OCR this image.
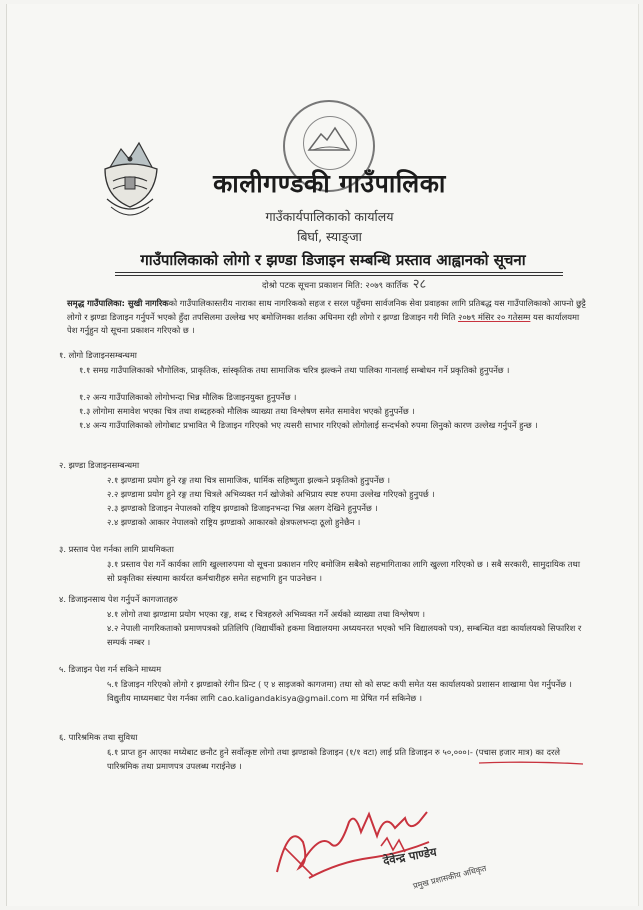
कालीगण्डकी गाउँपालिका
गाउँकार्यपालिकाको कार्यालय
बिर्घा, स्याङ्जा
गाउँपालिकाको लोगो र झण्डा डिजाइन सम्बन्धि प्रस्ताव आह्वानको सूचना
दोश्रो पटक सूचना प्रकाशन मिति: २०७९ कार्तिक २८
समृद्ध गाउँपालिका: सुखी नागरिकको गाउँपालिकास्तरीय नाराका साथ नागरिकको सहज र सरल पहुँचमा सार्वजनिक सेवा प्रवाहका लागि प्रतिबद्ध यस गाउँपालिकाको आफ्नो छुट्टै लोगो र झण्डा डिजाइन गर्नुपर्ने भएको हुँदा तपसिलमा उल्लेख भए बमोजिमका शर्तका अधिनमा रही लोगो र झण्डा डिजाइन गरी मिति २०७९ मंसिर २० गतेसम्म यस कार्यालयमा पेश गर्नुहुन यो सूचना प्रकाशन गरिएको छ ।
१. लोगो डिजाइनसम्बन्धमा
१.१ समग्र गाउँपालिकाको भौगोलिक, प्राकृतिक, सांस्कृतिक तथा सामाजिक चरित्र झल्कने तथा पालिका गानलाई सम्बोधन गर्ने प्रकृतिको हुनुपर्नेछ ।
१.२ अन्य गाउँपालिकाको लोगोभन्दा भिन्न मौलिक डिजाइनयुक्त हुनुपर्नेछ ।
१.३ लोगोमा समावेश भएका चित्र तथा शब्दहरुको मौलिक व्याख्या तथा विश्लेषण समेत समावेश भएको हुनुपर्नेछ ।
१.४ अन्य गाउँपालिकाको लोगोबाट प्रभावित भै डिजाइन गरिएको भए त्यसरी साभार गरिएको लोगोलाई सन्दर्भको रुपमा लिनुको कारण उल्लेख गर्नुपर्ने हुन्छ ।
२. झण्डा डिजाइनसम्बन्धमा
२.१ झण्डामा प्रयोग हुने रङ्ग तथा चित्र सामाजिक, धार्मिक सहिष्णुता झल्कने प्रकृतिको हुनुपर्नेछ ।
२.२ झण्डामा प्रयोग हुने रङ्ग तथा चित्रले अभिव्यक्त गर्न खोजेको अभिप्राय स्पष्ट रुपमा उल्लेख गरिएको हुनुपर्छ ।
२.३ झण्डाको डिजाइन नेपालको राष्ट्रिय झण्डाको डिजाइनभन्दा भिन्न अलग देखिने हुनुपर्नेछ ।
२.४ झण्डाको आकार नेपालको राष्ट्रिय झण्डाको आकारको क्षेत्रफलभन्दा ठूलो हुनेछैन ।
३. प्रस्ताव पेश गर्नका लागि प्राथमिकता
३.१ प्रस्ताव पेश गर्ने कार्यका लागि खुल्लारुपमा यो सूचना प्रकाशन गरिए बमोजिम सबैको सहभागिताका लागि खुल्ला गरिएको छ । सबै सरकारी, सामुदायिक तथा सो प्रकृतिका संस्थामा कार्यरत कर्मचारीहरु समेत सहभागि हुन पाउनेछन ।
४. डिजाइनसाथ पेश गर्नुपर्ने कागजातहरु
४.१ लोगो तथा झण्डामा प्रयोग भएका रङ्ग, शब्द र चित्रहरुले अभिव्यक्त गर्ने अर्थको व्याख्या तथा विश्लेषण ।
४.२ नेपाली नागरिकताको प्रमाणपत्रको प्रतिलिपि (विद्यार्थीको हकमा विद्यालयमा अध्ययनरत भएको भनि विद्यालयको पत्र), सम्बन्धित वडा कार्यालयको सिफारिश र सम्पर्क नम्बर ।
५. डिजाइन पेश गर्न सकिने माध्यम
५.१ डिजाइन गरिएको लोगो र झण्डाको रंगीन प्रिन्ट ( ए ४ साइजको कागजमा) तथा सो को सफ्ट कपी समेत यस कार्यालयको प्रशासन शाखामा पेश गर्नुपर्नेछ । विद्युतीय माध्यमबाट पेश गर्नका लागि cao.kaligandakisya@gmail.com मा प्रेषित गर्न सकिनेछ ।
६. पारिश्रमिक तथा सुविधा
६.१ प्राप्त हुन आएका मध्येबाट छनौट हुने सर्वोत्कृष्ट लोगो तथा झण्डाको डिजाइन (१/१ वटा) लाई प्रति डिजाइन रु ५०,०००।- (पचास हजार मात्र) का दरले पारिश्रमिक तथा प्रमाणपत्र उपलब्ध गराईनेछ ।
देवेन्द्र पाण्डेय
प्रमुख प्रशासकीय अधिकृत
